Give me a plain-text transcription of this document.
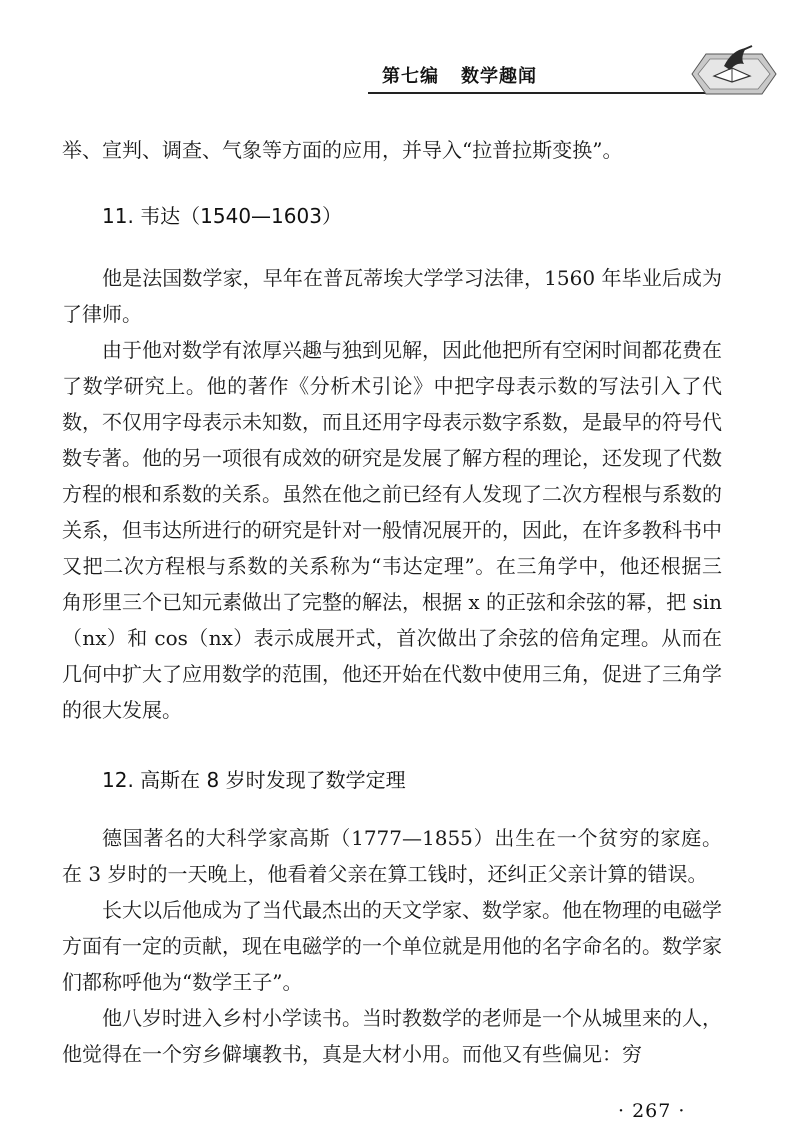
第七编 数学趣闻

举、宣判、调查、气象等方面的应用，并导入“拉普拉斯变换”。

11. 韦达（1540—1603）

他是法国数学家，早年在普瓦蒂埃大学学习法律，1560 年毕业后成为了律师。

由于他对数学有浓厚兴趣与独到见解，因此他把所有空闲时间都花费在了数学研究上。他的著作《分析术引论》中把字母表示数的写法引入了代数，不仅用字母表示未知数，而且还用字母表示数字系数，是最早的符号代数专著。他的另一项很有成效的研究是发展了解方程的理论，还发现了代数方程的根和系数的关系。虽然在他之前已经有人发现了二次方程根与系数的关系，但韦达所进行的研究是针对一般情况展开的，因此，在许多教科书中又把二次方程根与系数的关系称为“韦达定理”。在三角学中，他还根据三角形里三个已知元素做出了完整的解法，根据 x 的正弦和余弦的幂，把 sin（nx）和 cos（nx）表示成展开式，首次做出了余弦的倍角定理。从而在几何中扩大了应用数学的范围，他还开始在代数中使用三角，促进了三角学的很大发展。

12. 高斯在 8 岁时发现了数学定理

德国著名的大科学家高斯（1777—1855）出生在一个贫穷的家庭。在 3 岁时的一天晚上，他看着父亲在算工钱时，还纠正父亲计算的错误。

长大以后他成为了当代最杰出的天文学家、数学家。他在物理的电磁学方面有一定的贡献，现在电磁学的一个单位就是用他的名字命名的。数学家们都称呼他为“数学王子”。

他八岁时进入乡村小学读书。当时教数学的老师是一个从城里来的人，他觉得在一个穷乡僻壤教书，真是大材小用。而他又有些偏见：穷

· 267 ·
